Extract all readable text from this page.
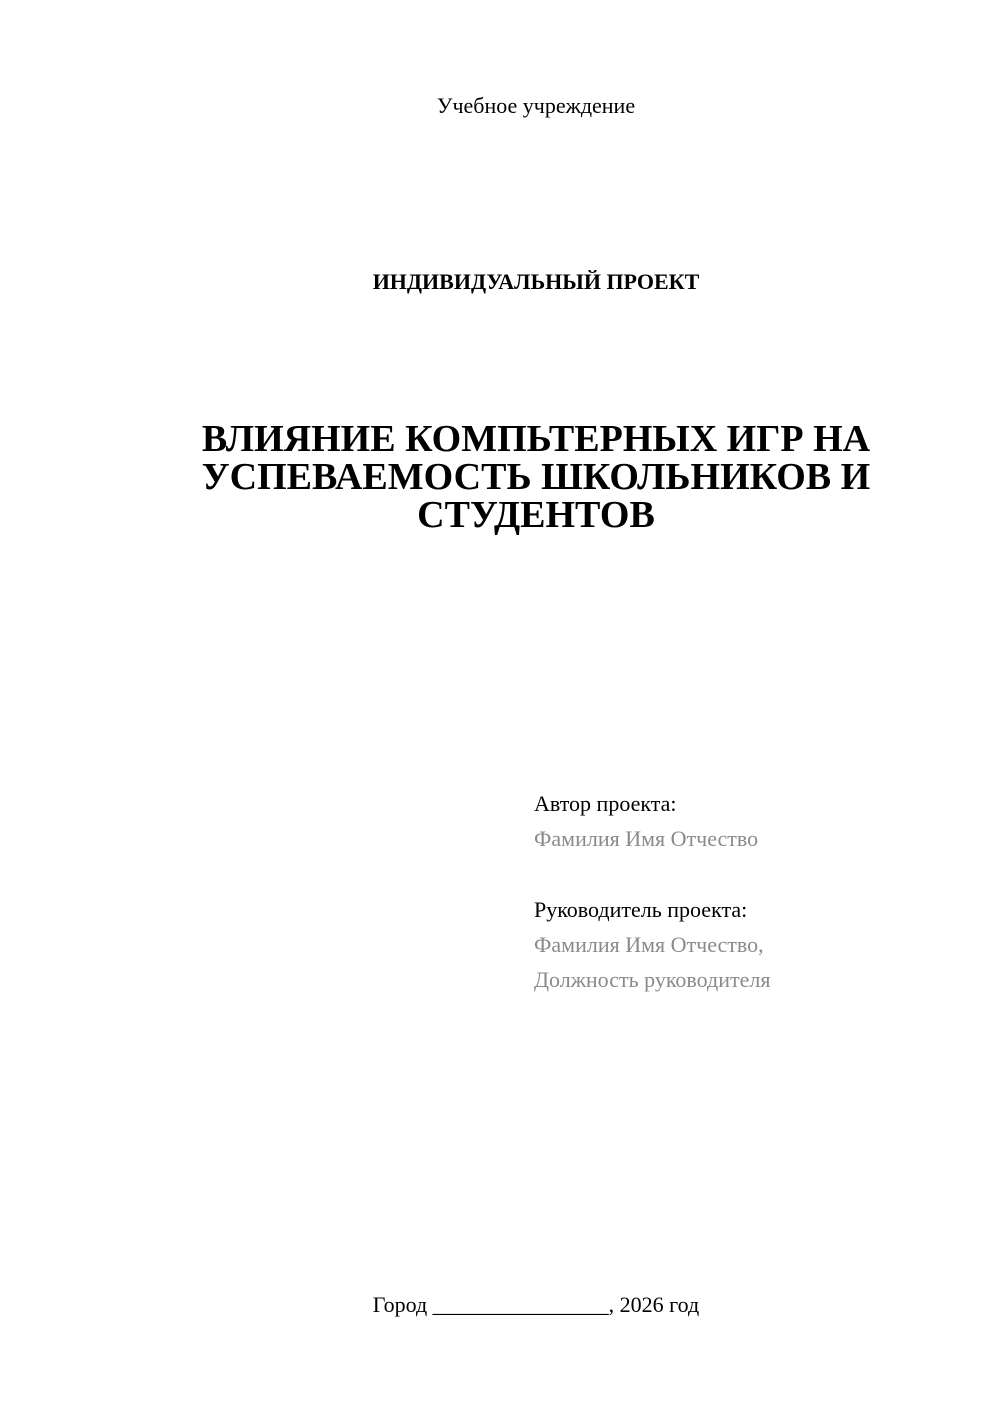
Учебное учреждение
ИНДИВИДУАЛЬНЫЙ ПРОЕКТ
ВЛИЯНИЕ КОМПЬТЕРНЫХ ИГР НА
УСПЕВАЕМОСТЬ ШКОЛЬНИКОВ И
СТУДЕНТОВ
Автор проекта:
Фамилия Имя Отчество
Руководитель проекта:
Фамилия Имя Отчество,
Должность руководителя
Город ________________, 2026 год
